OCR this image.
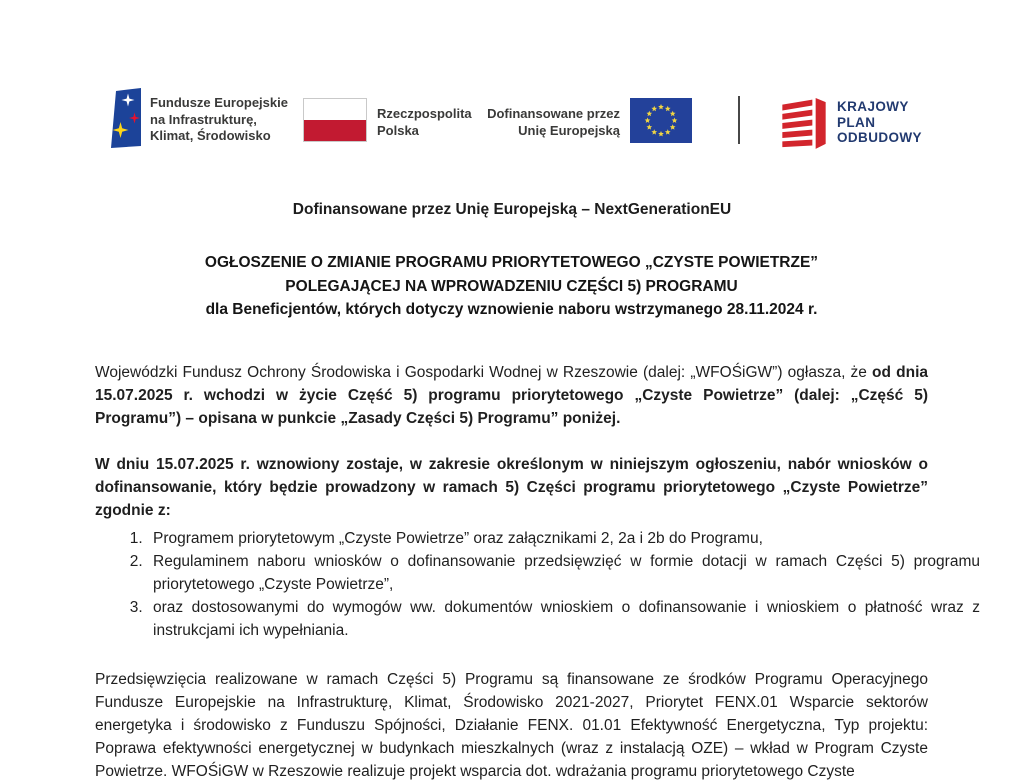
Fundusze Europejskie
na Infrastrukturę,
Klimat, Środowisko
Rzeczpospolita
Polska
Dofinansowane przez
Unię Europejską
KRAJOWY
PLAN
ODBUDOWY
Dofinansowane przez Unię Europejską – NextGenerationEU
OGŁOSZENIE O ZMIANIE PROGRAMU PRIORYTETOWEGO „CZYSTE POWIETRZE”
POLEGAJĄCEJ NA WPROWADZENIU CZĘŚCI 5) PROGRAMU
dla Beneficjentów, których dotyczy wznowienie naboru wstrzymanego 28.11.2024 r.

Wojewódzki Fundusz Ochrony Środowiska i Gospodarki Wodnej w Rzeszowie (dalej: „WFOŚiGW”) ogłasza, że od dnia 15.07.2025 r. wchodzi w życie Część 5) programu priorytetowego „Czyste Powietrze” (dalej: „Część 5) Programu”) – opisana w punkcie „Zasady Części 5) Programu” poniżej.

W dniu 15.07.2025 r. wznowiony zostaje, w zakresie określonym w niniejszym ogłoszeniu, nabór wniosków o dofinansowanie, który będzie prowadzony w ramach 5) Części programu priorytetowego „Czyste Powietrze” zgodnie z:

1. Programem priorytetowym „Czyste Powietrze” oraz załącznikami 2, 2a i 2b do Programu,
2. Regulaminem naboru wniosków o dofinansowanie przedsięwzięć w formie dotacji w ramach Części 5) programu priorytetowego „Czyste Powietrze”,
3. oraz dostosowanymi do wymogów ww. dokumentów wnioskiem o dofinansowanie i wnioskiem o płatność wraz z instrukcjami ich wypełniania.

Przedsięwzięcia realizowane w ramach Części 5) Programu są finansowane ze środków Programu Operacyjnego Fundusze Europejskie na Infrastrukturę, Klimat, Środowisko 2021-2027, Priorytet FENX.01 Wsparcie sektorów energetyka i środowisko z Funduszu Spójności, Działanie FENX. 01.01 Efektywność Energetyczna, Typ projektu: Poprawa efektywności energetycznej w budynkach mieszkalnych (wraz z instalacją OZE) – wkład w Program Czyste Powietrze. WFOŚiGW w Rzeszowie realizuje projekt wsparcia dot. wdrażania programu priorytetowego Czyste
